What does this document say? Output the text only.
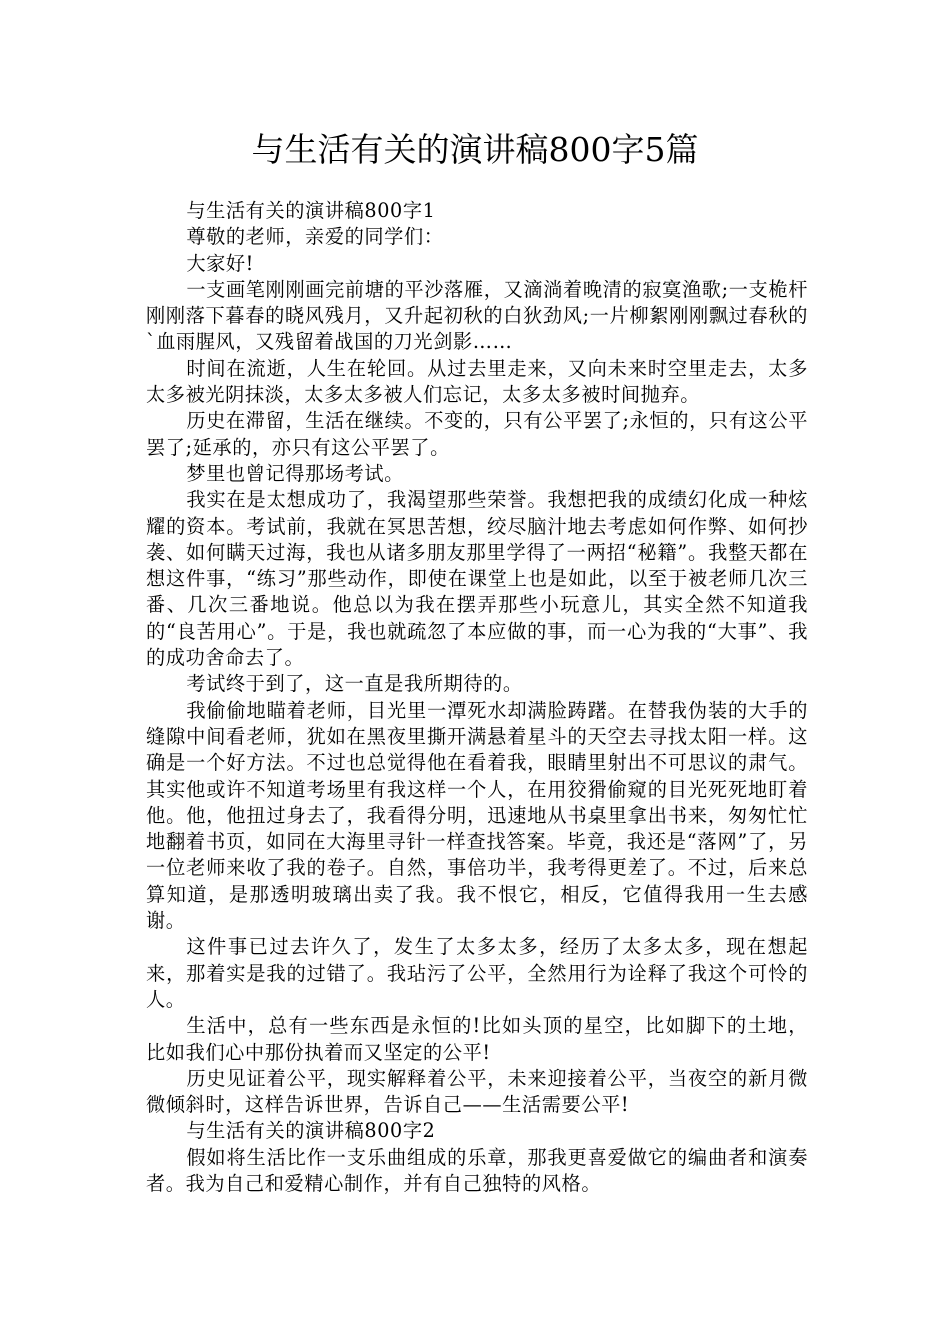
与生活有关的演讲稿800字5篇

与生活有关的演讲稿800字1

尊敬的老师，亲爱的同学们：

大家好!

一支画笔刚刚画完前塘的平沙落雁，又滴淌着晚清的寂寞渔歌;一支桅杆刚刚落下暮春的晓风残月，又升起初秋的白狄劲风;一片柳絮刚刚飘过春秋的`血雨腥风，又残留着战国的刀光剑影……

时间在流逝，人生在轮回。从过去里走来，又向未来时空里走去，太多太多被光阴抹淡，太多太多被人们忘记，太多太多被时间抛弃。

历史在滞留，生活在继续。不变的，只有公平罢了;永恒的，只有这公平罢了;延承的，亦只有这公平罢了。

梦里也曾记得那场考试。

我实在是太想成功了，我渴望那些荣誉。我想把我的成绩幻化成一种炫耀的资本。考试前，我就在冥思苦想，绞尽脑汁地去考虑如何作弊、如何抄袭、如何瞒天过海，我也从诸多朋友那里学得了一两招“秘籍”。我整天都在想这件事，“练习”那些动作，即使在课堂上也是如此，以至于被老师几次三番、几次三番地说。他总以为我在摆弄那些小玩意儿，其实全然不知道我的“良苦用心”。于是，我也就疏忽了本应做的事，而一心为我的“大事”、我的成功舍命去了。

考试终于到了，这一直是我所期待的。

我偷偷地瞄着老师，目光里一潭死水却满脸踌躇。在替我伪装的大手的缝隙中间看老师，犹如在黑夜里撕开满悬着星斗的天空去寻找太阳一样。这确是一个好方法。不过也总觉得他在看着我，眼睛里射出不可思议的肃气。其实他或许不知道考场里有我这样一个人，在用狡猾偷窥的目光死死地盯着他。他，他扭过身去了，我看得分明，迅速地从书桌里拿出书来，匆匆忙忙地翻着书页，如同在大海里寻针一样查找答案。毕竟，我还是“落网”了，另一位老师来收了我的卷子。自然，事倍功半，我考得更差了。不过，后来总算知道，是那透明玻璃出卖了我。我不恨它，相反，它值得我用一生去感谢。

这件事已过去许久了，发生了太多太多，经历了太多太多，现在想起来，那着实是我的过错了。我玷污了公平，全然用行为诠释了我这个可怜的人。

生活中，总有一些东西是永恒的!比如头顶的星空，比如脚下的土地，比如我们心中那份执着而又坚定的公平!

历史见证着公平，现实解释着公平，未来迎接着公平，当夜空的新月微微倾斜时，这样告诉世界，告诉自己——生活需要公平!

与生活有关的演讲稿800字2

假如将生活比作一支乐曲组成的乐章，那我更喜爱做它的编曲者和演奏者。我为自己和爱精心制作，并有自己独特的风格。
